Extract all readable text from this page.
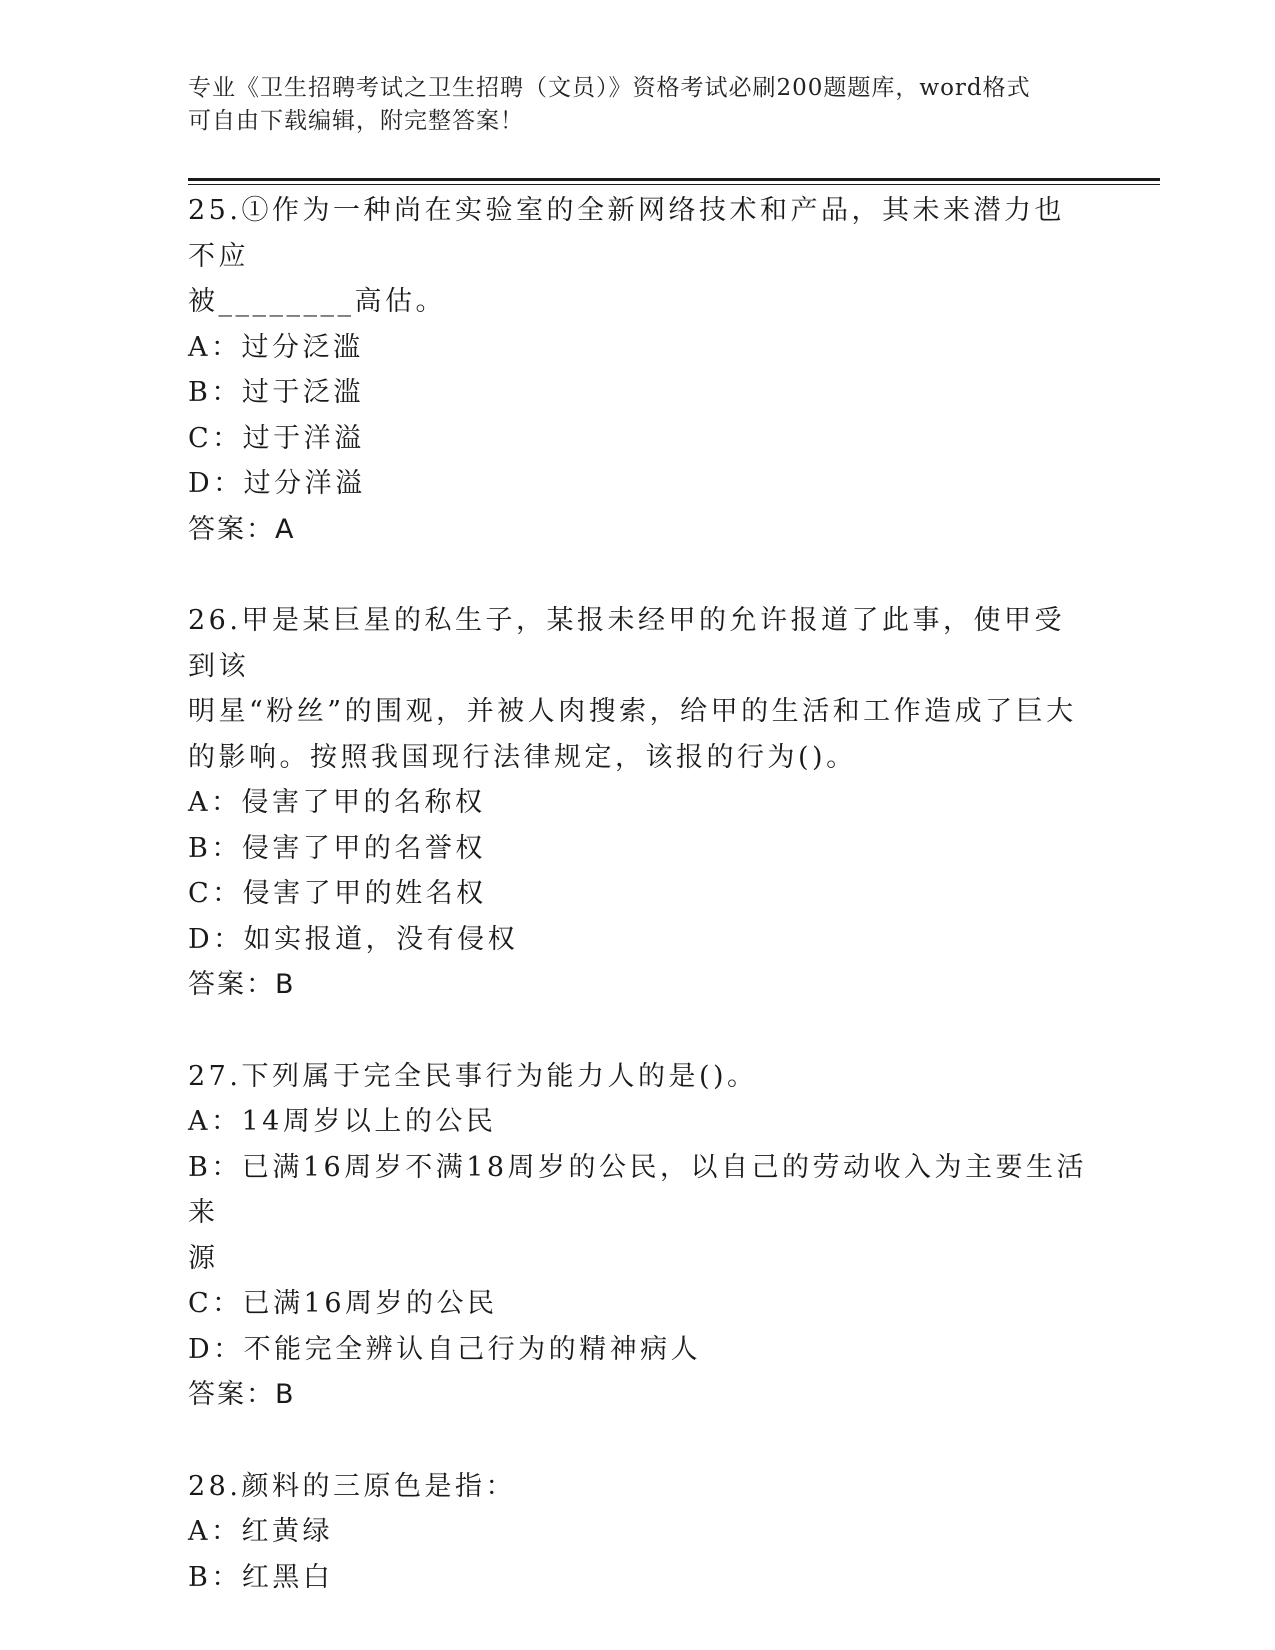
专业《卫生招聘考试之卫生招聘（文员）》资格考试必刷200题题库，word格式
可自由下载编辑，附完整答案！

25.①作为一种尚在实验室的全新网络技术和产品，其未来潜力也不应

被________高估。

A：过分泛滥

B：过于泛滥

C：过于洋溢

D：过分洋溢

答案：A

26.甲是某巨星的私生子，某报未经甲的允许报道了此事，使甲受到该

明星“粉丝”的围观，并被人肉搜索，给甲的生活和工作造成了巨大

的影响。按照我国现行法律规定，该报的行为()。

A：侵害了甲的名称权

B：侵害了甲的名誉权

C：侵害了甲的姓名权

D：如实报道，没有侵权

答案：B

27.下列属于完全民事行为能力人的是()。

A：14周岁以上的公民

B：已满16周岁不满18周岁的公民，以自己的劳动收入为主要生活来

源

C：已满16周岁的公民

D：不能完全辨认自己行为的精神病人

答案：B

28.颜料的三原色是指：

A：红黄绿

B：红黑白
